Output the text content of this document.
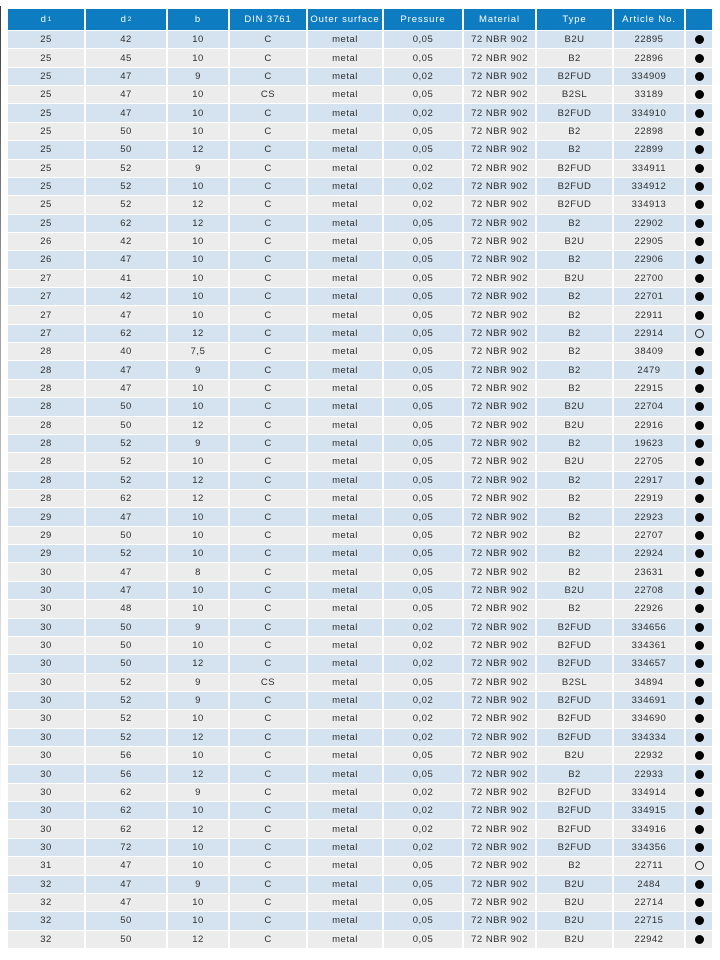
d 1	d 2	b	DIN 3761	Outer surface	Pressure	Material	Type	Article No.
25	42	10	C	metal	0,05	72 NBR 902	B2U	22895
25	45	10	C	metal	0,05	72 NBR 902	B2	22896
25	47	9	C	metal	0,02	72 NBR 902	B2FUD	334909
25	47	10	CS	metal	0,05	72 NBR 902	B2SL	33189
25	47	10	C	metal	0,02	72 NBR 902	B2FUD	334910
25	50	10	C	metal	0,05	72 NBR 902	B2	22898
25	50	12	C	metal	0,05	72 NBR 902	B2	22899
25	52	9	C	metal	0,02	72 NBR 902	B2FUD	334911
25	52	10	C	metal	0,02	72 NBR 902	B2FUD	334912
25	52	12	C	metal	0,02	72 NBR 902	B2FUD	334913
25	62	12	C	metal	0,05	72 NBR 902	B2	22902
26	42	10	C	metal	0,05	72 NBR 902	B2U	22905
26	47	10	C	metal	0,05	72 NBR 902	B2	22906
27	41	10	C	metal	0,05	72 NBR 902	B2U	22700
27	42	10	C	metal	0,05	72 NBR 902	B2	22701
27	47	10	C	metal	0,05	72 NBR 902	B2	22911
27	62	12	C	metal	0,05	72 NBR 902	B2	22914
28	40	7,5	C	metal	0,05	72 NBR 902	B2	38409
28	47	9	C	metal	0,05	72 NBR 902	B2	2479
28	47	10	C	metal	0,05	72 NBR 902	B2	22915
28	50	10	C	metal	0,05	72 NBR 902	B2U	22704
28	50	12	C	metal	0,05	72 NBR 902	B2U	22916
28	52	9	C	metal	0,05	72 NBR 902	B2	19623
28	52	10	C	metal	0,05	72 NBR 902	B2U	22705
28	52	12	C	metal	0,05	72 NBR 902	B2	22917
28	62	12	C	metal	0,05	72 NBR 902	B2	22919
29	47	10	C	metal	0,05	72 NBR 902	B2	22923
29	50	10	C	metal	0,05	72 NBR 902	B2	22707
29	52	10	C	metal	0,05	72 NBR 902	B2	22924
30	47	8	C	metal	0,05	72 NBR 902	B2	23631
30	47	10	C	metal	0,05	72 NBR 902	B2U	22708
30	48	10	C	metal	0,05	72 NBR 902	B2	22926
30	50	9	C	metal	0,02	72 NBR 902	B2FUD	334656
30	50	10	C	metal	0,02	72 NBR 902	B2FUD	334361
30	50	12	C	metal	0,02	72 NBR 902	B2FUD	334657
30	52	9	CS	metal	0,05	72 NBR 902	B2SL	34894
30	52	9	C	metal	0,02	72 NBR 902	B2FUD	334691
30	52	10	C	metal	0,02	72 NBR 902	B2FUD	334690
30	52	12	C	metal	0,02	72 NBR 902	B2FUD	334334
30	56	10	C	metal	0,05	72 NBR 902	B2U	22932
30	56	12	C	metal	0,05	72 NBR 902	B2	22933
30	62	9	C	metal	0,02	72 NBR 902	B2FUD	334914
30	62	10	C	metal	0,02	72 NBR 902	B2FUD	334915
30	62	12	C	metal	0,02	72 NBR 902	B2FUD	334916
30	72	10	C	metal	0,02	72 NBR 902	B2FUD	334356
31	47	10	C	metal	0,05	72 NBR 902	B2	22711
32	47	9	C	metal	0,05	72 NBR 902	B2U	2484
32	47	10	C	metal	0,05	72 NBR 902	B2U	22714
32	50	10	C	metal	0,05	72 NBR 902	B2U	22715
32	50	12	C	metal	0,05	72 NBR 902	B2U	22942
